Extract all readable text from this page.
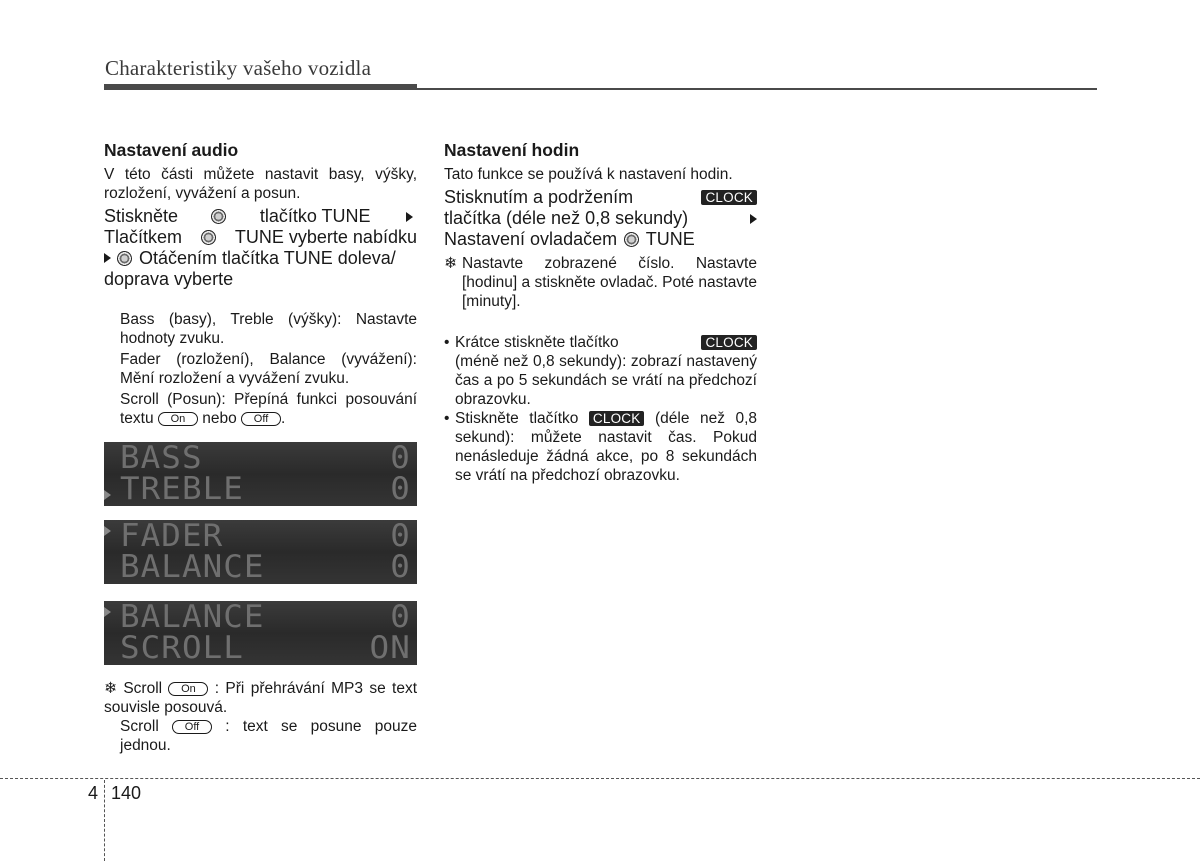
Charakteristiky vašeho vozidla
Nastavení audio
V této části můžete nastavit basy, výšky, rozložení, vyvážení a posun.
Stiskněte	tlačítko TUNE
Tlačítkem	TUNE vyberte nabídku
Otáčením tlačítka TUNE doleva/
doprava vyberte
Bass (basy), Treble (výšky): Nastavte hodnoty zvuku.
Fader (rozložení), Balance (vyvážení): Mění rozložení a vyvážení zvuku.
Scroll (Posun): Přepíná funkci posouvání textu On nebo Off .
BASS	0
TREBLE	0
FADER	0
BALANCE	0
BALANCE	0
SCROLL	ON
❄ Scroll On : Při přehrávání MP3 se text souvisle posouvá.
Scroll Off : text se posune pouze jednou.
Nastavení hodin
Tato funkce se používá k nastavení hodin.
Stisknutím a podržením	CLOCK
tlačítka (déle než 0,8 sekundy)
Nastavení ovladačem TUNE
❄ Nastavte zobrazené číslo. Nastavte [hodinu] a stiskněte ovladač. Poté nastavte [minuty].
• Krátce stiskněte tlačítko	CLOCK
(méně než 0,8 sekundy): zobrazí nastavený čas a po 5 sekundách se vrátí na předchozí obrazovku.
• Stiskněte tlačítko CLOCK (déle než 0,8 sekund): můžete nastavit čas. Pokud nenásleduje žádná akce, po 8 sekundách se vrátí na předchozí obrazovku.
4 140
